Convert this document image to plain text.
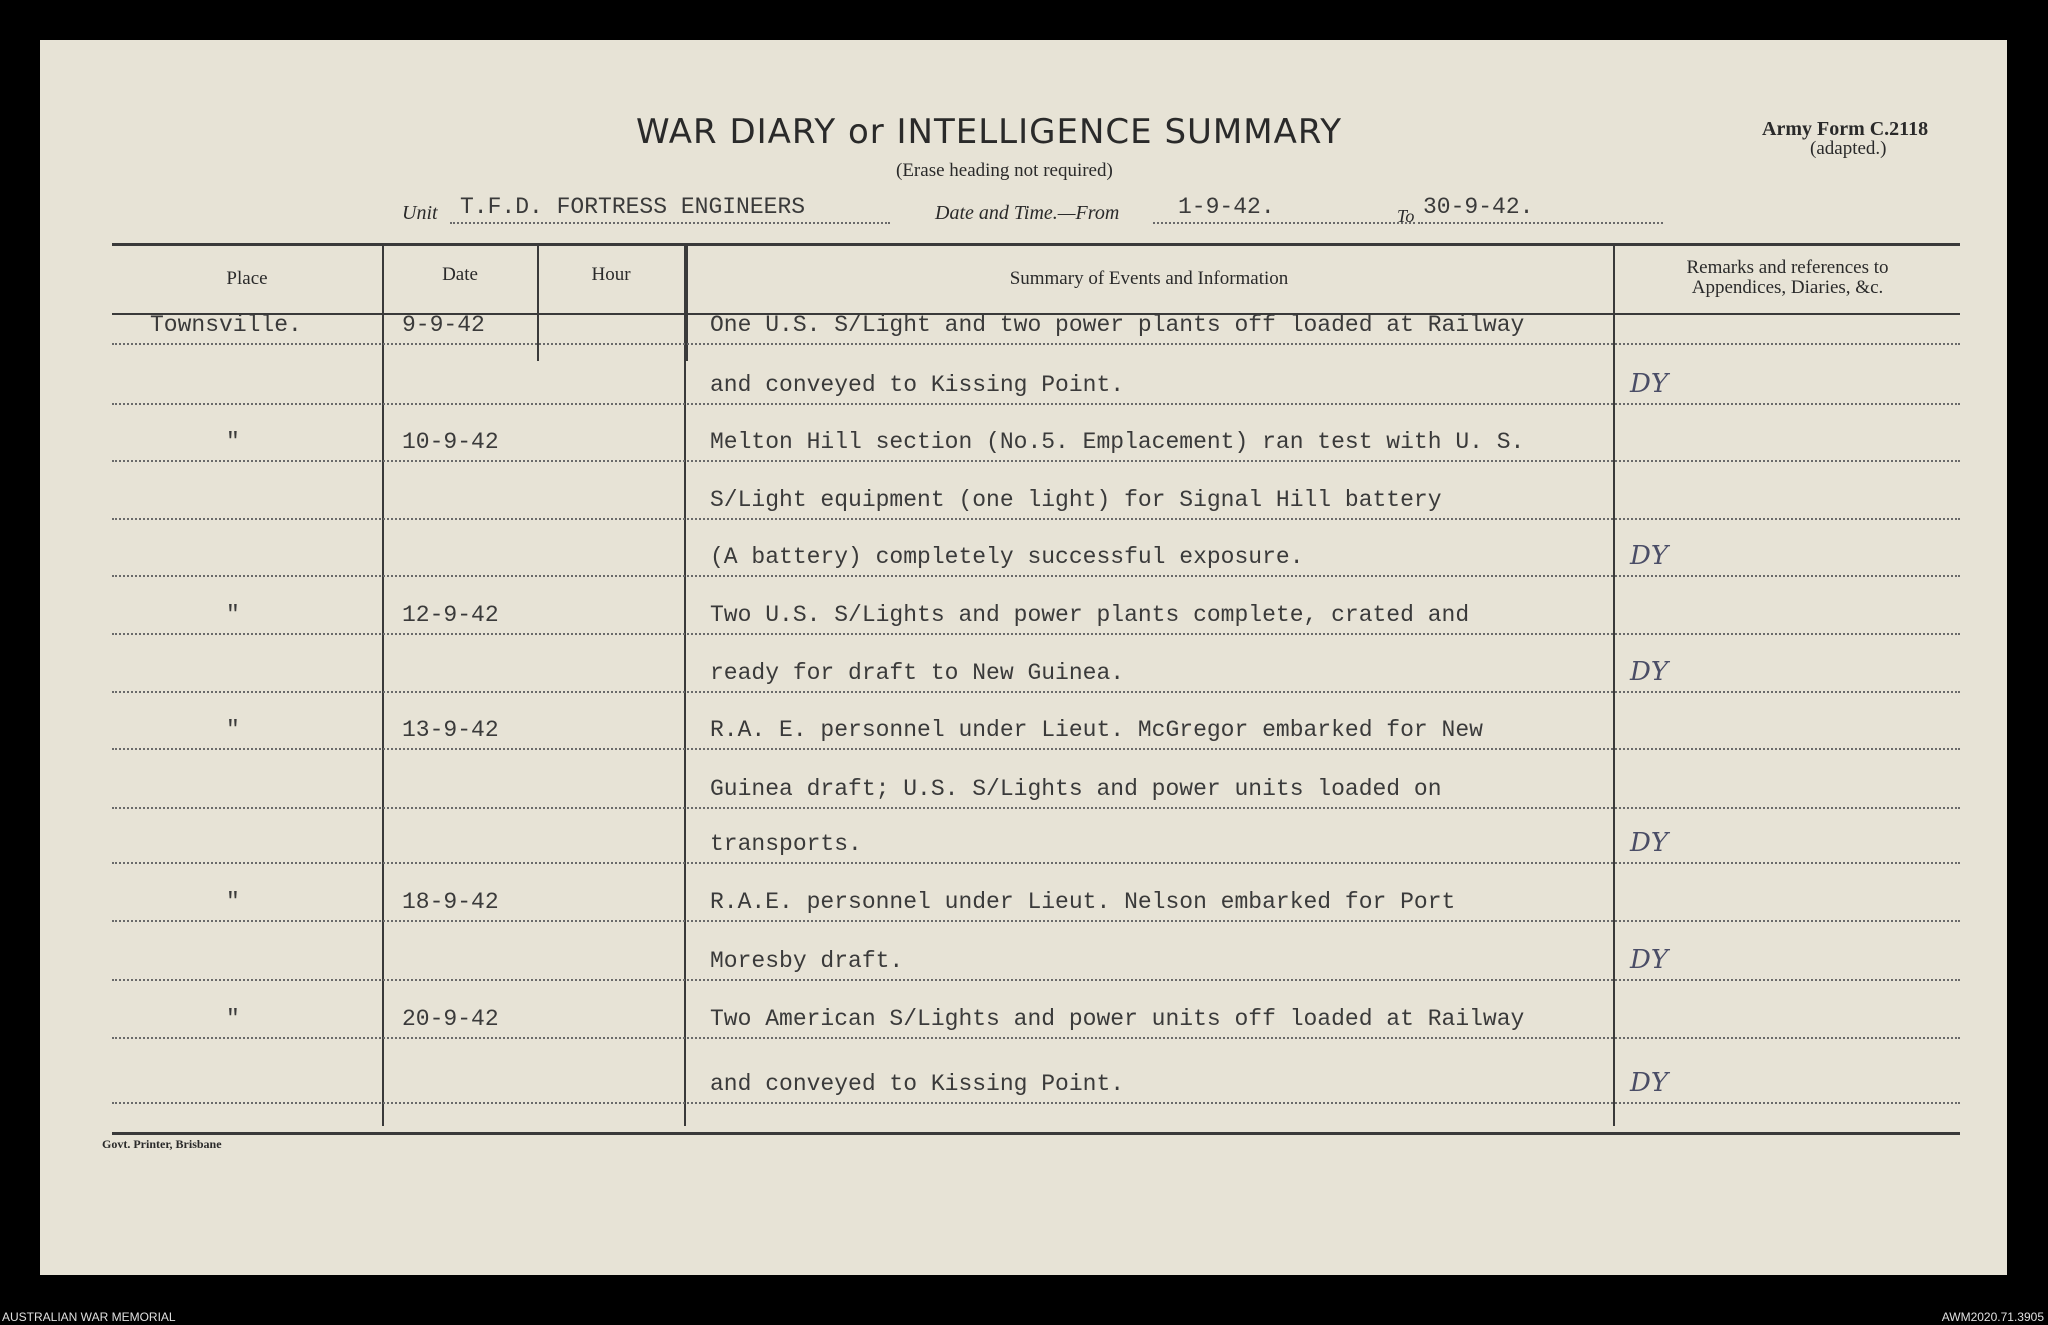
WAR DIARY or INTELLIGENCE SUMMARY
(Erase heading not required)
Army Form C.2118
(adapted.)
Unit T.F.D. FORTRESS ENGINEERS	Date and Time.—From	1-9-42.	To 30-9-42.
Place	Date	Hour	Summary of Events and Information
Remarks and references to
Appendices, Diaries, &c.
Townsville.	9-9-42	One U.S. S/Light and two power plants off loaded at Railway
and conveyed to Kissing Point.	DY
"	10-9-42	Melton Hill section (No.5. Emplacement) ran test with U. S.
S/Light equipment (one light) for Signal Hill battery
(A battery) completely successful exposure.	DY
"	12-9-42	Two U.S. S/Lights and power plants complete, crated and
ready for draft to New Guinea.	DY
"	13-9-42	R.A. E. personnel under Lieut. McGregor embarked for New
Guinea draft; U.S. S/Lights and power units loaded on
transports.	DY
"	18-9-42	R.A.E. personnel under Lieut. Nelson embarked for Port
Moresby draft.	DY
"	20-9-42	Two American S/Lights and power units off loaded at Railway
and conveyed to Kissing Point.	DY
Govt. Printer, Brisbane
AUSTRALIAN WAR MEMORIAL	AWM2020.71.3905
